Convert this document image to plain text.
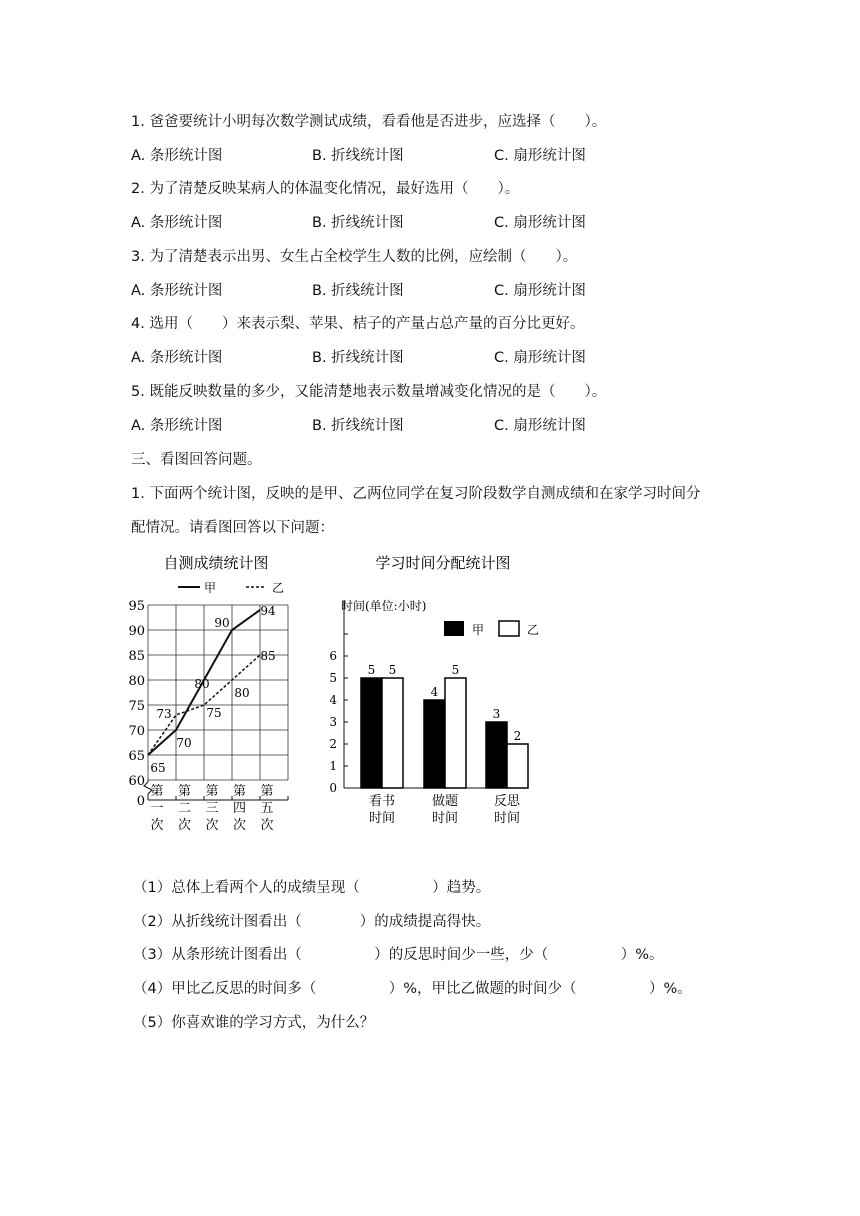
1. 爸爸要统计小明每次数学测试成绩，看看他是否进步，应选择（　　）。
A. 条形统计图	B. 折线统计图	C. 扇形统计图
2. 为了清楚反映某病人的体温变化情况，最好选用（　　）。
A. 条形统计图	B. 折线统计图	C. 扇形统计图
3. 为了清楚表示出男、女生占全校学生人数的比例，应绘制（　　）。
A. 条形统计图	B. 折线统计图	C. 扇形统计图
4. 选用（　　）来表示梨、苹果、桔子的产量占总产量的百分比更好。
A. 条形统计图	B. 折线统计图	C. 扇形统计图
5. 既能反映数量的多少，又能清楚地表示数量增减变化情况的是（　　）。
A. 条形统计图	B. 折线统计图	C. 扇形统计图
三、看图回答问题。
1. 下面两个统计图，反映的是甲、乙两位同学在复习阶段数学自测成绩和在家学习时间分
配情况。请看图回答以下问题：
自测成绩统计图
甲	乙
0
60
65
70
75
80
85
90
95
65
70
80
90
94
73	75
80
85
第
一
次
第
二
次
第
三
次
第
四
次
第
五
次
学习时间分配统计图
时间(单位:小时)
甲	乙
0
1
2
3
4
5
6
5 5
4
5
3
2
看书
时间
做题
时间
反思
时间
（1）总体上看两个人的成绩呈现（　　　　　）趋势。
（2）从折线统计图看出（　　　　）的成绩提高得快。
（3）从条形统计图看出（　　　　　）的反思时间少一些，少（　　　　　）%。
（4）甲比乙反思的时间多（　　　　　）%，甲比乙做题的时间少（　　　　　）%。
（5）你喜欢谁的学习方式，为什么？
